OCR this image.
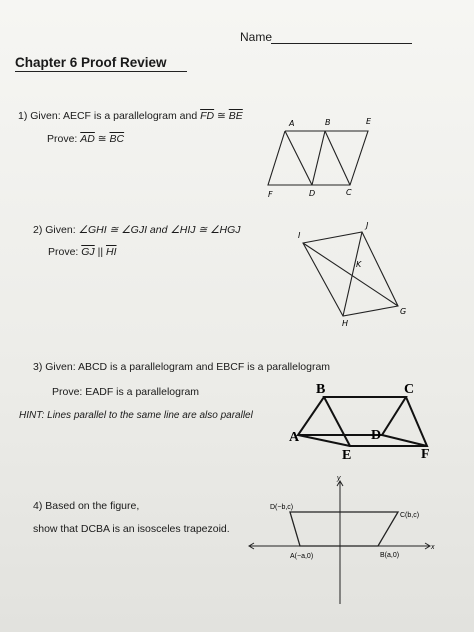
Name
Chapter 6 Proof Review
1) Given: AECF is a parallelogram and $\overline{FD}$ ≅ $\overline{BE}$
Prove: $\overline{AD}$ ≅ $\overline{BC}$
2) Given: ∠GHI ≅ ∠GJI and ∠HIJ ≅ ∠HGJ
Prove: $\overline{GJ}$ || $\overline{HI}$
3) Given: ABCD is a parallelogram and EBCF is a parallelogram
Prove: EADF is a parallelogram
HINT: Lines parallel to the same line are also parallel
4) Based on the figure,
show that DCBA is an isosceles trapezoid.
A	B	E
F	D	C
I
J
K
G
H
B	C
A	D
E	F
y
x
D(−b,c)
C(b,c)
A(−a,0)	B(a,0)
